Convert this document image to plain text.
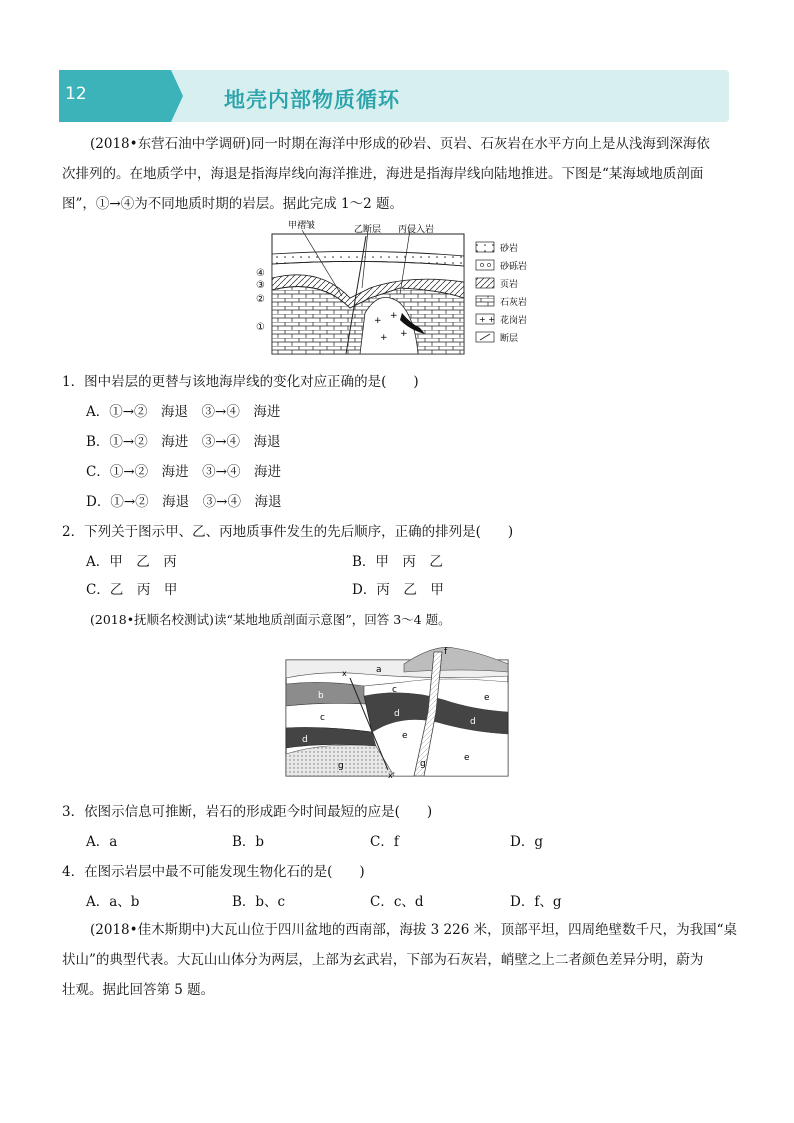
12	地壳内部物质循环
(2018•东营石油中学调研)同一时期在海洋中形成的砂岩、页岩、石灰岩在水平方向上是从浅海到深海依
次排列的。在地质学中，海退是指海岸线向海洋推进，海进是指海岸线向陆地推进。下图是“某海域地质剖面
图”，①→④为不同地质时期的岩层。据此完成 1～2 题。
+ +
+ +
甲褶皱	乙断层 丙侵入岩
④
③
②
①
砂岩
砂砾岩
页岩
石灰岩
+ + 花岗岩
断层
1．图中岩层的更替与该地海岸线的变化对应正确的是(　　)
A．①→②　海退　③→④　海进
B．①→②　海进　③→④　海退
C．①→②　海进　③→④　海进
D．①→②　海退　③→④　海退
2．下列关于图示甲、乙、丙地质事件发生的先后顺序，正确的排列是(　　)
A．甲　乙　丙	B．甲　丙　乙
C．乙　丙　甲	D．丙　乙　甲
(2018•抚顺名校测试)读“某地地质剖面示意图”，回答 3～4 题。
x
x'
a
b
c
c
d
d
d
e
e
e
f
g	g
3．依图示信息可推断，岩石的形成距今时间最短的应是(　　)
A．a	B．b	C．f	D．g
4．在图示岩层中最不可能发现生物化石的是(　　)
A．a、b	B．b、c	C．c、d	D．f、g
(2018•佳木斯期中)大瓦山位于四川盆地的西南部，海拔 3 226 米，顶部平坦，四周绝壁数千尺，为我国“桌
状山”的典型代表。大瓦山山体分为两层，上部为玄武岩，下部为石灰岩，峭壁之上二者颜色差异分明，蔚为
壮观。据此回答第 5 题。
